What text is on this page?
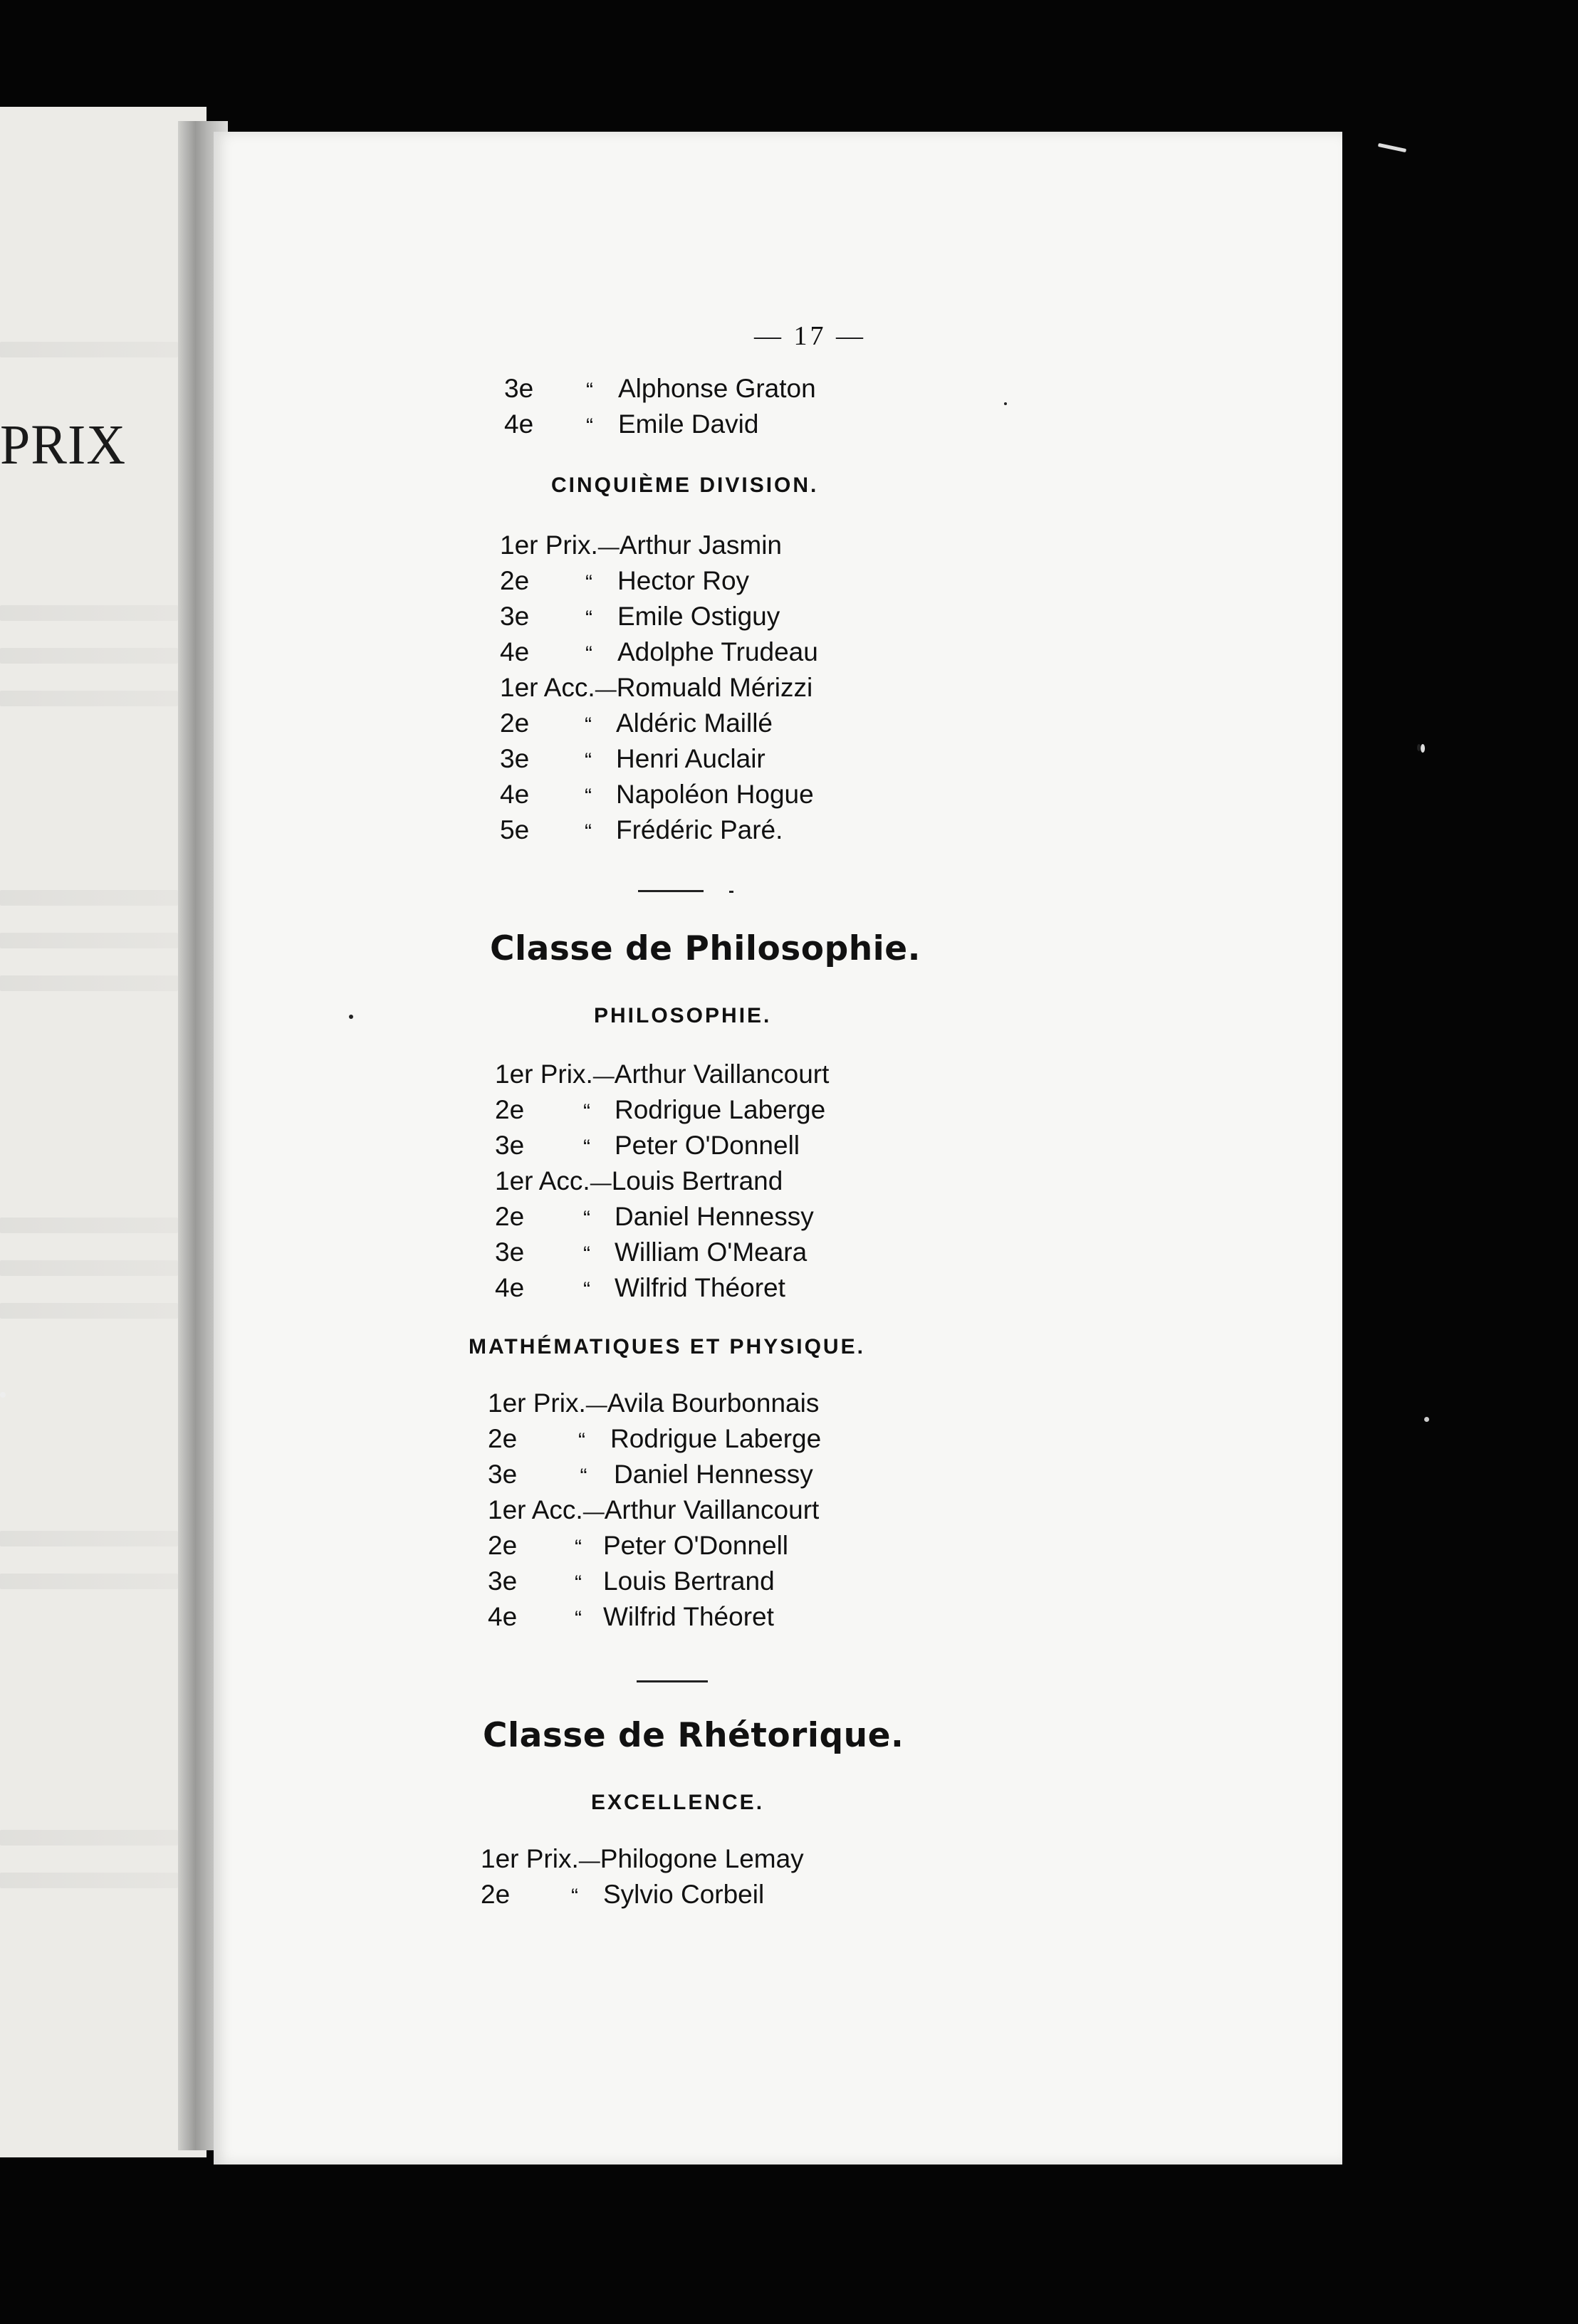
PRIX
— 17 —
3e	“ Alphonse Graton
4e	“ Emile David
CINQUIÈME DIVISION.
1er Prix. — Arthur Jasmin
2e	“ Hector Roy
3e	“ Emile Ostiguy
4e	“ Adolphe Trudeau
1er Acc. — Romuald Mérizzi
2e	“ Aldéric Maillé
3e	“ Henri Auclair
4e	“ Napoléon Hogue
5e	“ Frédéric Paré.
Classe de Philosophie.
PHILOSOPHIE.
1er Prix. — Arthur Vaillancourt
2e	“ Rodrigue Laberge
3e	“ Peter O'Donnell
1er Acc. — Louis Bertrand
2e	“ Daniel Hennessy
3e	“ William O'Meara
4e	“ Wilfrid Théoret
MATHÉMATIQUES ET PHYSIQUE.
1er Prix. — Avila Bourbonnais
2e	“ Rodrigue Laberge
3e	“	Daniel Hennessy
1er Acc. — Arthur Vaillancourt
2e	“ Peter O'Donnell
3e	“ Louis Bertrand
4e	“ Wilfrid Théoret
Classe de Rhétorique.
EXCELLENCE.
1er Prix. — Philogone Lemay
2e	“ Sylvio Corbeil
